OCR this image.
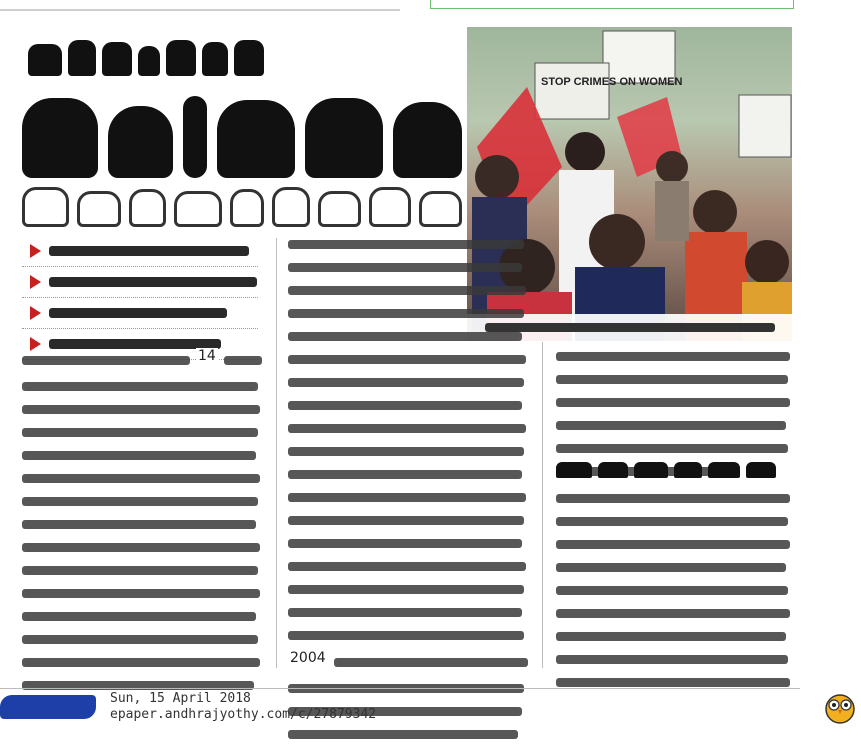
STOP CRIMES ON WOMEN
14
2004
Sun, 15 April 2018
epaper.andhrajyothy.com/c/27879342
